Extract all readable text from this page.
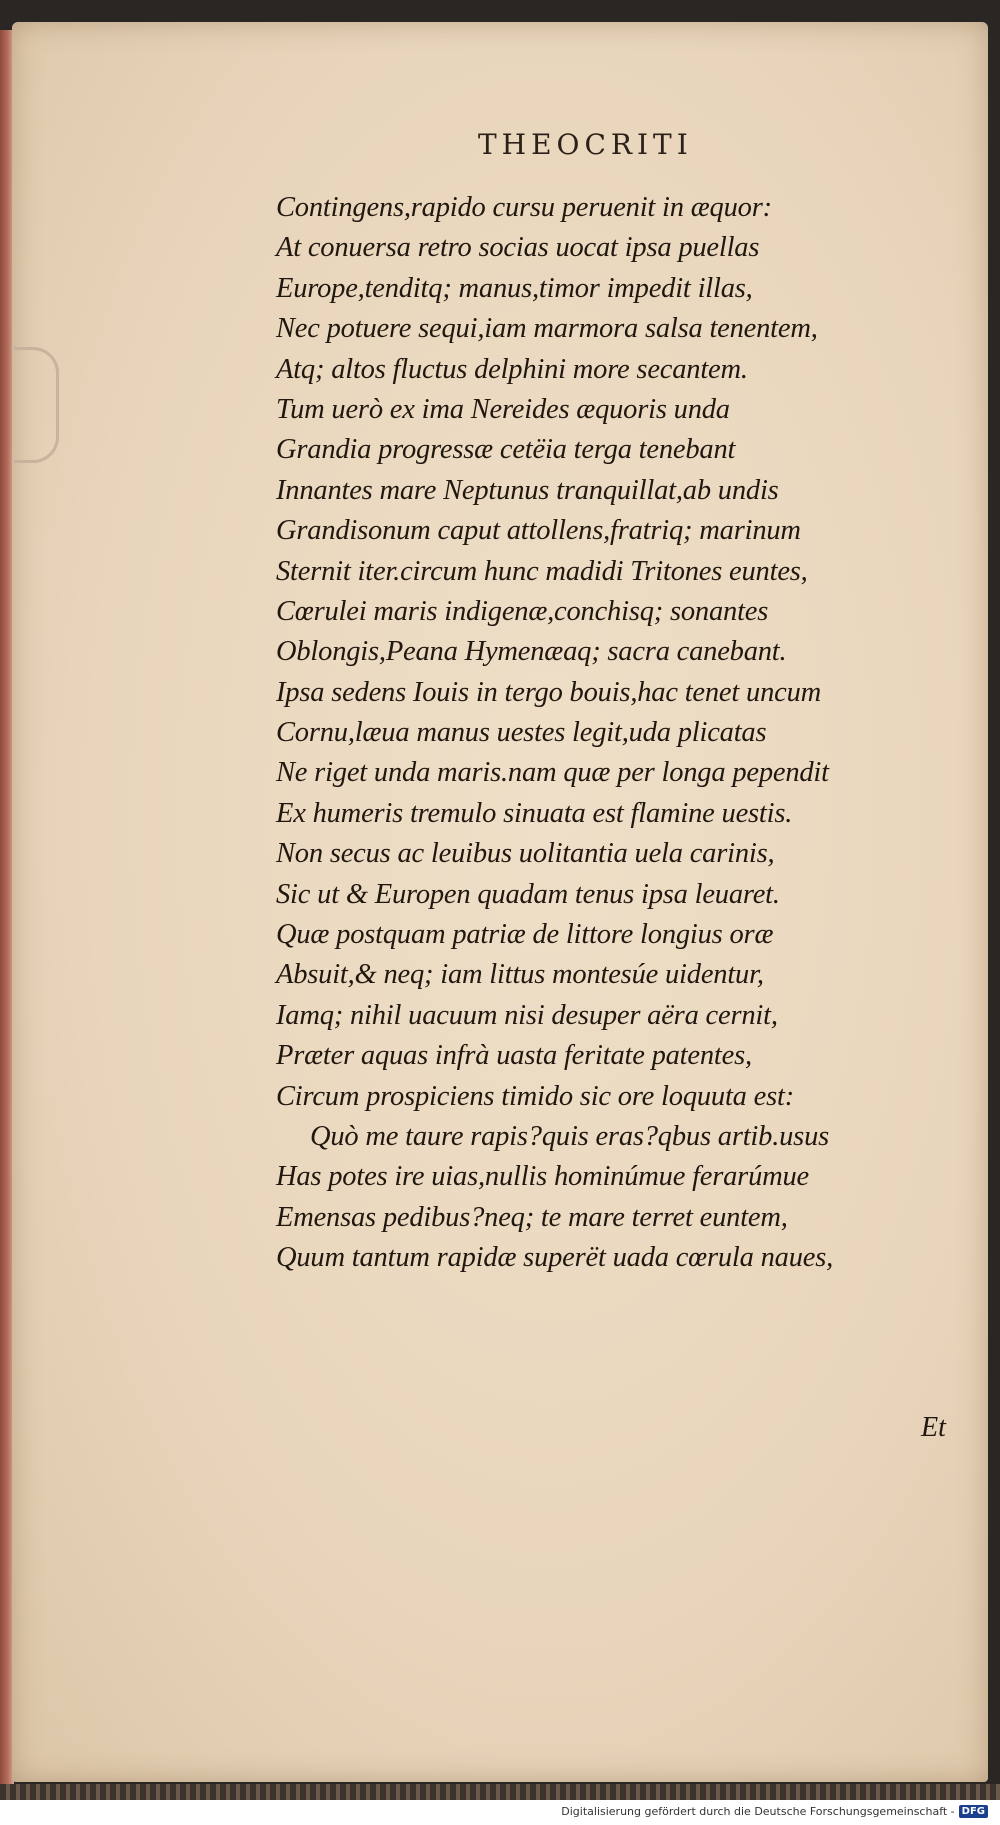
THEOCRITI
Contingens,rapido cursu peruenit in æquor:
At conuersa retro socias uocat ipsa puellas
Europe,tenditq; manus,timor impedit illas,
Nec potuere sequi,iam marmora salsa tenentem,
Atq; altos fluctus delphini more secantem.
Tum uerò ex ima Nereides æquoris unda
Grandia progressæ cetëia terga tenebant
Innantes mare Neptunus tranquillat,ab undis
Grandisonum caput attollens,fratriq; marinum
Sternit iter.circum hunc madidi Tritones euntes,
Cœrulei maris indigenæ,conchisq; sonantes
Oblongis,Peana Hymenæaq; sacra canebant.
Ipsa sedens Iouis in tergo bouis,hac tenet uncum
Cornu,læua manus uestes legit,uda plicatas
Ne riget unda maris.nam quæ per longa pependit
Ex humeris tremulo sinuata est flamine uestis.
Non secus ac leuibus uolitantia uela carinis,
Sic ut & Europen quadam tenus ipsa leuaret.
Quæ postquam patriæ de littore longius oræ
Absuit,& neq; iam littus montesúe uidentur,
Iamq; nihil uacuum nisi desuper aëra cernit,
Præter aquas infrà uasta feritate patentes,
Circum prospiciens timido sic ore loquuta est:
Quò me taure rapis?quis eras?qbus artib.usus
Has potes ire uias,nullis hominúmue ferarúmue
Emensas pedibus?neq; te mare terret euntem,
Quum tantum rapidæ superët uada cœrula naues,
Et
Digitalisierung gefördert durch die Deutsche Forschungsgemeinschaft - DFG
